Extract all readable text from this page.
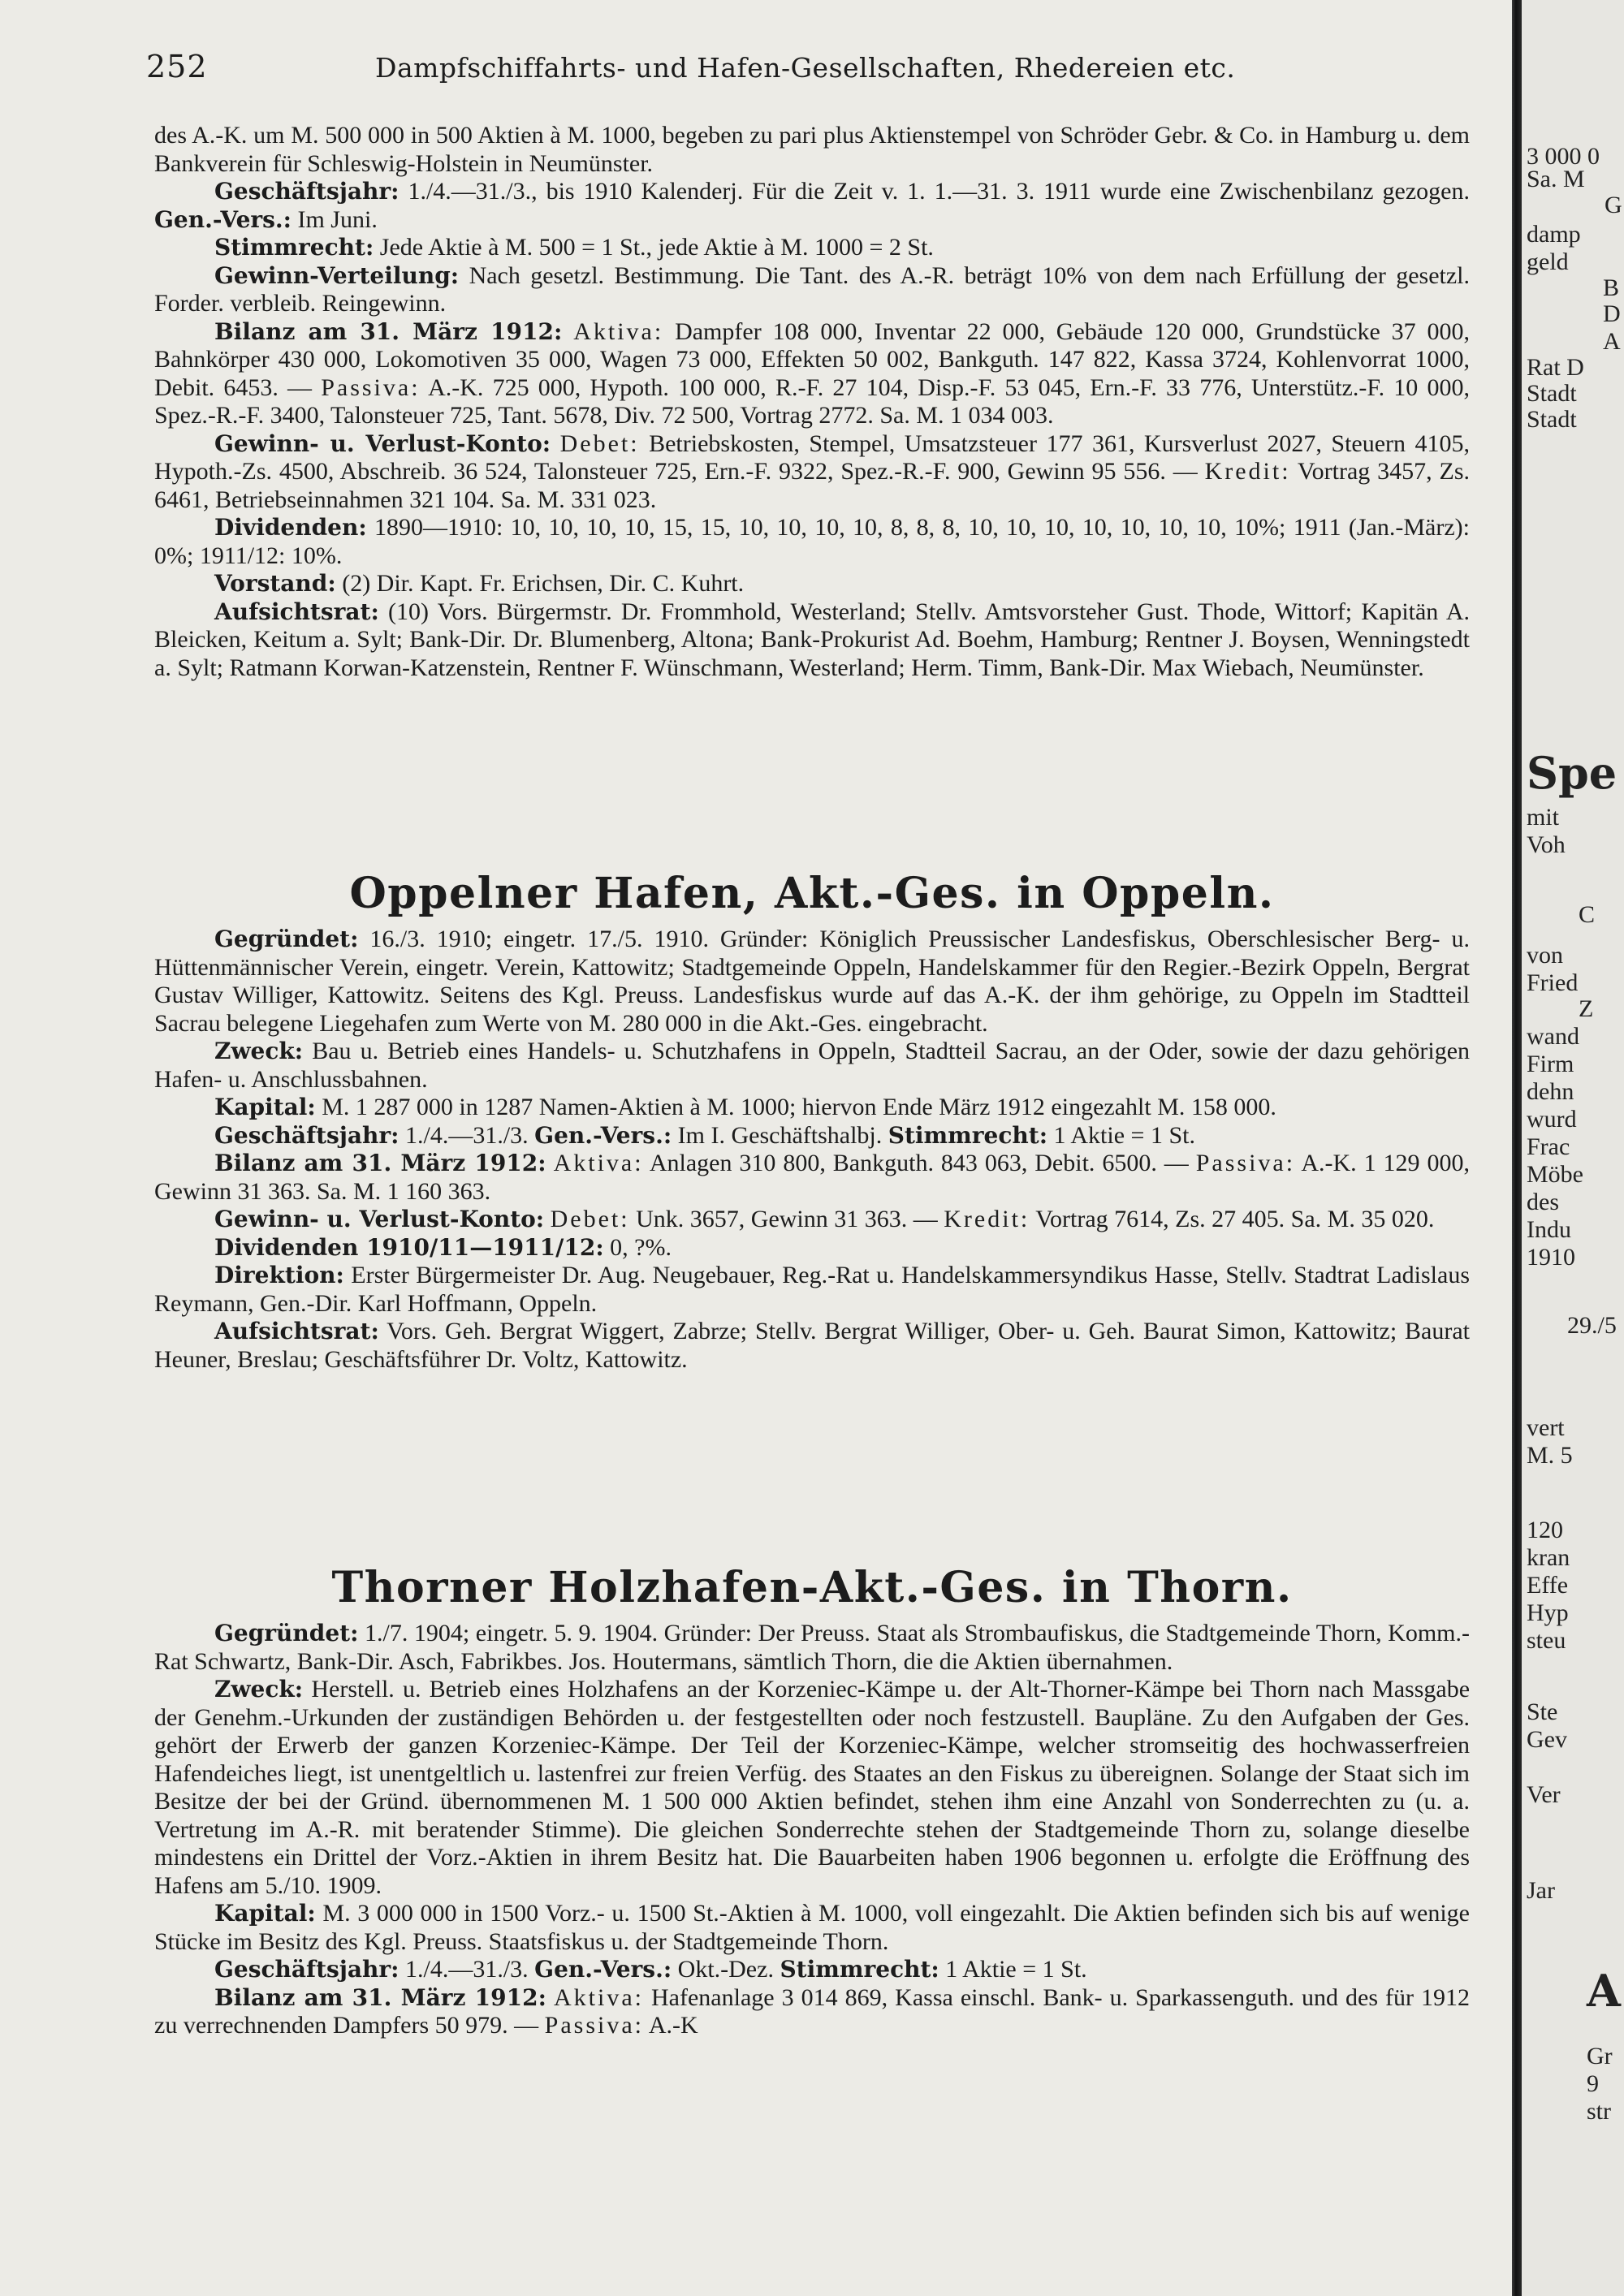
252	Dampfschiffahrts- und Hafen-Gesellschaften, Rhedereien etc.

des A.-K. um M. 500 000 in 500 Aktien à M. 1000, begeben zu pari plus Aktienstempel von Schröder Gebr. & Co. in Hamburg u. dem Bankverein für Schleswig-Holstein in Neumünster.

Geschäftsjahr: 1./4.—31./3., bis 1910 Kalenderj. Für die Zeit v. 1. 1.—31. 3. 1911 wurde eine Zwischenbilanz gezogen. Gen.-Vers.: Im Juni.

Stimmrecht: Jede Aktie à M. 500 = 1 St., jede Aktie à M. 1000 = 2 St.

Gewinn-Verteilung: Nach gesetzl. Bestimmung. Die Tant. des A.-R. beträgt 10% von dem nach Erfüllung der gesetzl. Forder. verbleib. Reingewinn.

Bilanz am 31. März 1912: Aktiva: Dampfer 108 000, Inventar 22 000, Gebäude 120 000, Grundstücke 37 000, Bahnkörper 430 000, Lokomotiven 35 000, Wagen 73 000, Effekten 50 002, Bankguth. 147 822, Kassa 3724, Kohlenvorrat 1000, Debit. 6453. — Passiva: A.-K. 725 000, Hypoth. 100 000, R.-F. 27 104, Disp.-F. 53 045, Ern.-F. 33 776, Unterstütz.-F. 10 000, Spez.-R.-F. 3400, Talonsteuer 725, Tant. 5678, Div. 72 500, Vortrag 2772. Sa. M. 1 034 003.

Gewinn- u. Verlust-Konto: Debet: Betriebskosten, Stempel, Umsatzsteuer 177 361, Kursverlust 2027, Steuern 4105, Hypoth.-Zs. 4500, Abschreib. 36 524, Talonsteuer 725, Ern.-F. 9322, Spez.-R.-F. 900, Gewinn 95 556. — Kredit: Vortrag 3457, Zs. 6461, Betriebseinnahmen 321 104. Sa. M. 331 023.

Dividenden: 1890—1910: 10, 10, 10, 10, 15, 15, 10, 10, 10, 10, 8, 8, 8, 10, 10, 10, 10, 10, 10, 10, 10%; 1911 (Jan.-März): 0%; 1911/12: 10%.

Vorstand: (2) Dir. Kapt. Fr. Erichsen, Dir. C. Kuhrt.

Aufsichtsrat: (10) Vors. Bürgermstr. Dr. Frommhold, Westerland; Stellv. Amtsvorsteher Gust. Thode, Wittorf; Kapitän A. Bleicken, Keitum a. Sylt; Bank-Dir. Dr. Blumenberg, Altona; Bank-Prokurist Ad. Boehm, Hamburg; Rentner J. Boysen, Wenningstedt a. Sylt; Ratmann Korwan-Katzenstein, Rentner F. Wünschmann, Westerland; Herm. Timm, Bank-Dir. Max Wiebach, Neumünster.

Oppelner Hafen, Akt.-Ges. in Oppeln.

Gegründet: 16./3. 1910; eingetr. 17./5. 1910. Gründer: Königlich Preussischer Landesfiskus, Oberschlesischer Berg- u. Hüttenmännischer Verein, eingetr. Verein, Kattowitz; Stadtgemeinde Oppeln, Handelskammer für den Regier.-Bezirk Oppeln, Bergrat Gustav Williger, Kattowitz. Seitens des Kgl. Preuss. Landesfiskus wurde auf das A.-K. der ihm gehörige, zu Oppeln im Stadtteil Sacrau belegene Liegehafen zum Werte von M. 280 000 in die Akt.-Ges. eingebracht.

Zweck: Bau u. Betrieb eines Handels- u. Schutzhafens in Oppeln, Stadtteil Sacrau, an der Oder, sowie der dazu gehörigen Hafen- u. Anschlussbahnen.

Kapital: M. 1 287 000 in 1287 Namen-Aktien à M. 1000; hiervon Ende März 1912 eingezahlt M. 158 000.

Geschäftsjahr: 1./4.—31./3. Gen.-Vers.: Im I. Geschäftshalbj. Stimmrecht: 1 Aktie = 1 St.

Bilanz am 31. März 1912: Aktiva: Anlagen 310 800, Bankguth. 843 063, Debit. 6500. — Passiva: A.-K. 1 129 000, Gewinn 31 363. Sa. M. 1 160 363.

Gewinn- u. Verlust-Konto: Debet: Unk. 3657, Gewinn 31 363. — Kredit: Vortrag 7614, Zs. 27 405. Sa. M. 35 020.

Dividenden 1910/11—1911/12: 0, ?%.

Direktion: Erster Bürgermeister Dr. Aug. Neugebauer, Reg.-Rat u. Handelskammersyndikus Hasse, Stellv. Stadtrat Ladislaus Reymann, Gen.-Dir. Karl Hoffmann, Oppeln.

Aufsichtsrat: Vors. Geh. Bergrat Wiggert, Zabrze; Stellv. Bergrat Williger, Ober- u. Geh. Baurat Simon, Kattowitz; Baurat Heuner, Breslau; Geschäftsführer Dr. Voltz, Kattowitz.

Thorner Holzhafen-Akt.-Ges. in Thorn.

Gegründet: 1./7. 1904; eingetr. 5. 9. 1904. Gründer: Der Preuss. Staat als Strombaufiskus, die Stadtgemeinde Thorn, Komm.-Rat Schwartz, Bank-Dir. Asch, Fabrikbes. Jos. Houtermans, sämtlich Thorn, die die Aktien übernahmen.

Zweck: Herstell. u. Betrieb eines Holzhafens an der Korzeniec-Kämpe u. der Alt-Thorner-Kämpe bei Thorn nach Massgabe der Genehm.-Urkunden der zuständigen Behörden u. der festgestellten oder noch festzustell. Baupläne. Zu den Aufgaben der Ges. gehört der Erwerb der ganzen Korzeniec-Kämpe. Der Teil der Korzeniec-Kämpe, welcher stromseitig des hochwasserfreien Hafendeiches liegt, ist unentgeltlich u. lastenfrei zur freien Verfüg. des Staates an den Fiskus zu übereignen. Solange der Staat sich im Besitze der bei der Gründ. übernommenen M. 1 500 000 Aktien befindet, stehen ihm eine Anzahl von Sonderrechten zu (u. a. Vertretung im A.-R. mit beratender Stimme). Die gleichen Sonderrechte stehen der Stadtgemeinde Thorn zu, solange dieselbe mindestens ein Drittel der Vorz.-Aktien in ihrem Besitz hat. Die Bauarbeiten haben 1906 begonnen u. erfolgte die Eröffnung des Hafens am 5./10. 1909.

Kapital: M. 3 000 000 in 1500 Vorz.- u. 1500 St.-Aktien à M. 1000, voll eingezahlt. Die Aktien befinden sich bis auf wenige Stücke im Besitz des Kgl. Preuss. Staatsfiskus u. der Stadtgemeinde Thorn.

Geschäftsjahr: 1./4.—31./3. Gen.-Vers.: Okt.-Dez. Stimmrecht: 1 Aktie = 1 St.

Bilanz am 31. März 1912: Aktiva: Hafenanlage 3 014 869, Kassa einschl. Bank- u. Sparkassenguth. und des für 1912 zu verrechnenden Dampfers 50 979. — Passiva: A.-K

3 000 0
Sa. M
G
damp
geld
B
D
A
Rat D
Stadt
Stadt
Spe
mit
Voh
C
von
Fried
Z
wand
Firm
dehn
wurd
Frac
Möbe
des
Indu
1910
29./5
vert
M. 5
120
kran
Effe
Hyp
steu
Ste
Gev
Ver
Jar
A
Gr
9
str
